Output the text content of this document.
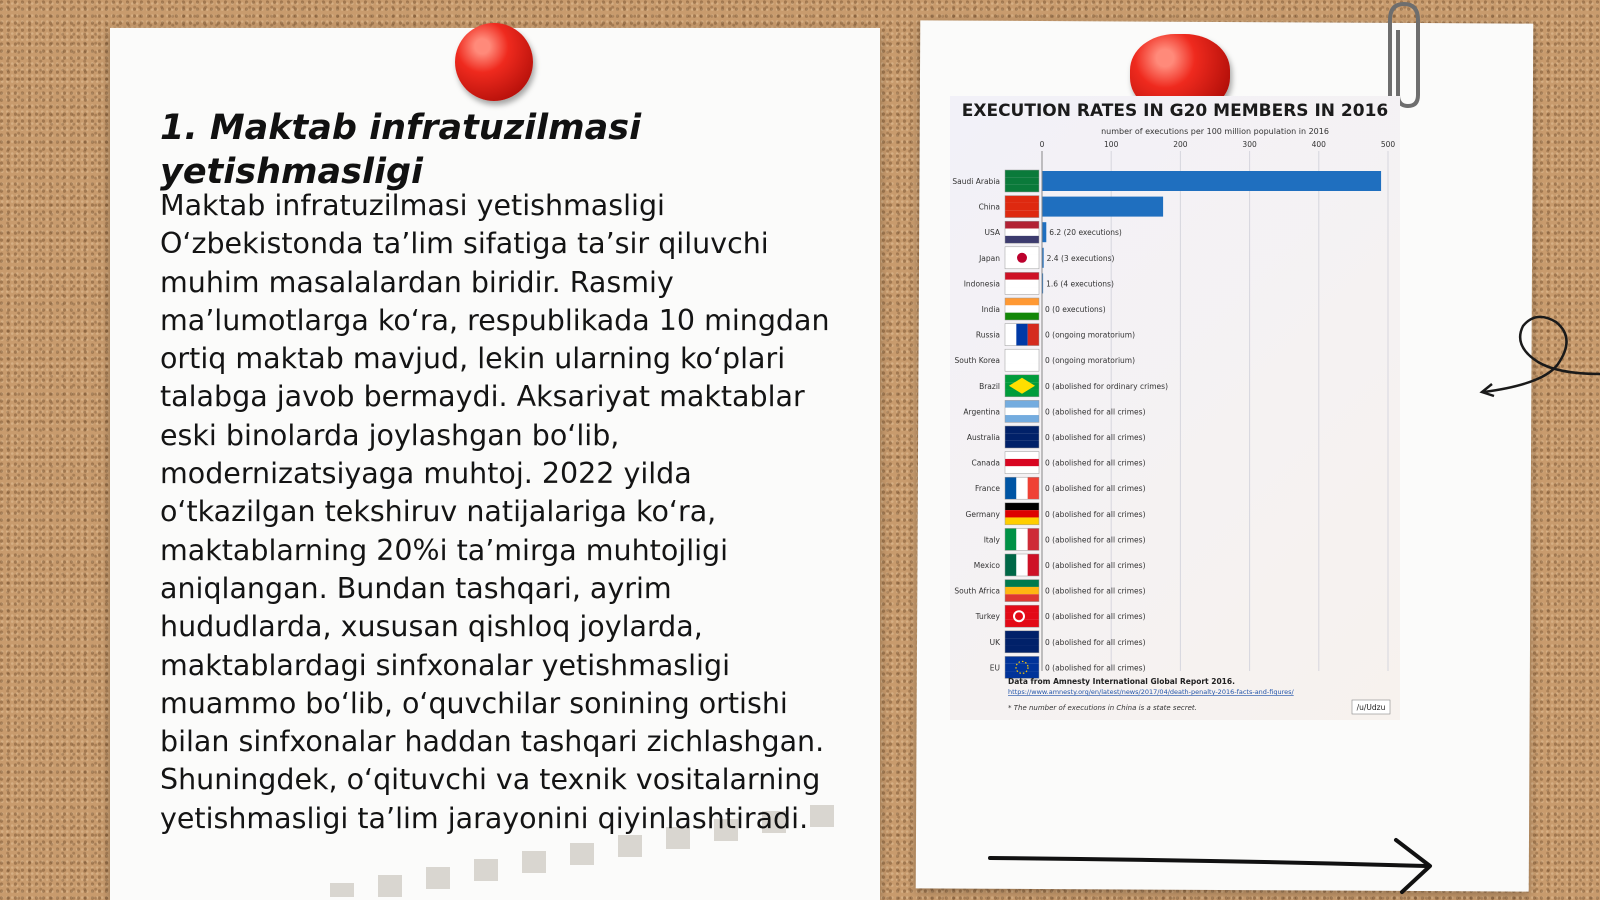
1. Maktab infratuzilmasi yetishmasligi

Maktab infratuzilmasi yetishmasligi O‘zbekistonda ta’lim sifatiga ta’sir qiluvchi muhim masalalardan biridir. Rasmiy ma’lumotlarga ko‘ra, respublikada 10 mingdan ortiq maktab mavjud, lekin ularning ko‘plari talabga javob bermaydi. Aksariyat maktablar eski binolarda joylashgan bo‘lib, modernizatsiyaga muhtoj. 2022 yilda o‘tkazilgan tekshiruv natijalariga ko‘ra, maktablarning 20%i ta’mirga muhtojligi aniqlangan. Bundan tashqari, ayrim hududlarda, xususan qishloq joylarda, maktablardagi sinfxonalar yetishmasligi muammo bo‘lib, o‘quvchilar sonining ortishi bilan sinfxonalar haddan tashqari zichlashgan. Shuningdek, o‘qituvchi va texnik vositalarning yetishmasligi ta’lim jarayonini qiyinlashtiradi.

EXECUTION RATES IN G20 MEMBERS IN 2016
number of executions per 100 million population in 2016
0	100	200	300	400	500
Saudi Arabia
China
USA	6.2 (20 executions)
Japan	2.4 (3 executions)
Indonesia	1.6 (4 executions)
India	0 (0 executions)
Russia	0 (ongoing moratorium)
South Korea	0 (ongoing moratorium)
Brazil	0 (abolished for ordinary crimes)
Argentina	0 (abolished for all crimes)
Australia	0 (abolished for all crimes)
Canada	0 (abolished for all crimes)
France	0 (abolished for all crimes)
Germany	0 (abolished for all crimes)
Italy	0 (abolished for all crimes)
Mexico	0 (abolished for all crimes)
South Africa	0 (abolished for all crimes)
Turkey	0 (abolished for all crimes)
UK	0 (abolished for all crimes)
EU	0 (abolished for all crimes)
Data from Amnesty International Global Report 2016.
https://www.amnesty.org/en/latest/news/2017/04/death-penalty-2016-facts-and-figures/
* The number of executions in China is a state secret.	/u/Udzu
